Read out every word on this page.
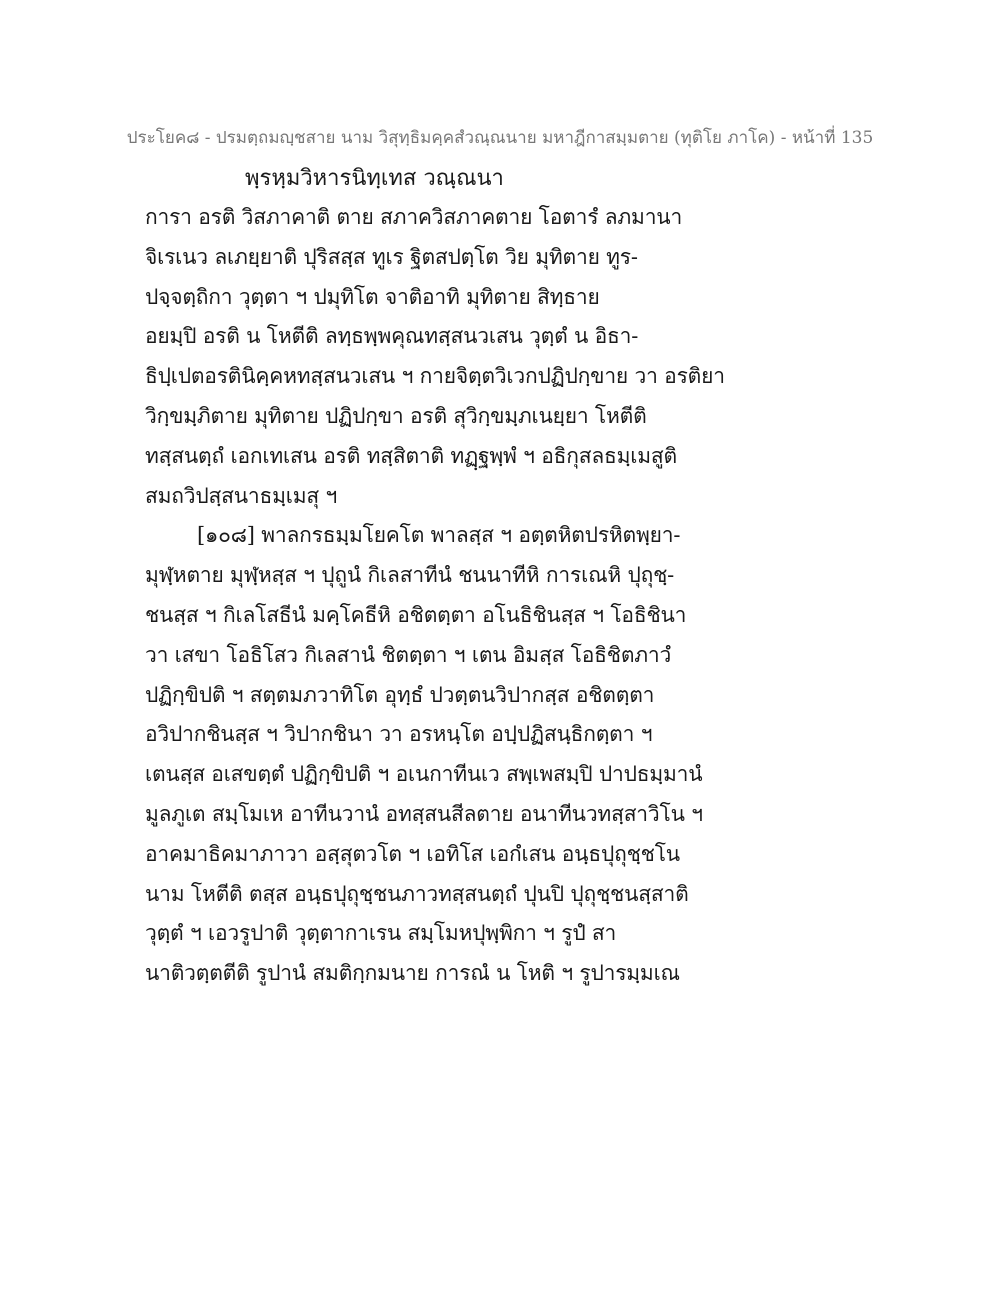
ประโยค๘ - ปรมตฺถมญฺชสาย นาม วิสุทฺธิมคฺคสํวณฺณนาย มหาฎีกาสมฺมตาย (ทุติโย ภาโค) - หน้าที่ 135
พฺรหฺมวิหารนิทฺเทส วณฺณนา
การา อรติ วิสภาคาติ ตาย สภาควิสภาคตาย โอตารํ ลภมานา
จิเรเนว ลเภยฺยาติ ปุริสสฺส ทูเร ฐิตสปตฺโต วิย มุทิตาย ทูร-
ปจฺจตฺถิกา วุตฺตา ฯ ปมุทิโต จาติอาทิ มุทิตาย สิทฺธาย
อยมฺปิ อรติ น โหตีติ ลทฺธพฺพคุณทสฺสนวเสน วุตฺตํ น อิธา-
ธิปฺเปตอรตินิคฺคหทสฺสนวเสน ฯ กายจิตฺตวิเวกปฏิปกฺขาย วา อรติยา
วิกฺขมฺภิตาย มุทิตาย ปฏิปกฺขา อรติ สุวิกฺขมฺภเนยฺยา โหตีติ
ทสฺสนตฺถํ เอกเทเสน อรติ ทสฺสิตาติ ทฏฺฐพฺพํ ฯ อธิกุสลธมฺเมสูติ
สมถวิปสฺสนาธมฺเมสุ ฯ
[๑๐๘] พาลกรธมฺมโยคโต พาลสฺส ฯ อตฺตหิตปรหิตพฺยา-
มุฬฺหตาย มุฬฺหสฺส ฯ ปุถูนํ กิเลสาทีนํ ชนนาทีหิ การเณหิ ปุถุชฺ-
ชนสฺส ฯ กิเลโสธีนํ มคฺโคธีหิ อชิตตฺตา อโนธิชินสฺส ฯ โอธิชินา
วา เสขา โอธิโสว กิเลสานํ ชิตตฺตา ฯ เตน อิมสฺส โอธิชิตภาวํ
ปฏิกฺขิปติ ฯ สตฺตมภวาทิโต อุทฺธํ ปวตฺตนวิปากสฺส อชิตตฺตา
อวิปากชินสฺส ฯ วิปากชินา วา อรหนฺโต อปฺปฏิสนฺธิกตฺตา ฯ
เตนสฺส อเสขตฺตํ ปฏิกฺขิปติ ฯ อเนกาทีนเว สพฺเพสมฺปิ ปาปธมฺมานํ
มูลภูเต สมฺโมเห อาทีนวานํ อทสฺสนสีลตาย อนาทีนวทสฺสาวิโน ฯ
อาคมาธิคมาภาวา อสฺสุตวโต ฯ เอทิโส เอกํเสน อนฺธปุถุชฺชโน
นาม โหตีติ ตสฺส อนฺธปุถุชฺชนภาวทสฺสนตฺถํ ปุนปิ ปุถุชฺชนสฺสาติ
วุตฺตํ ฯ เอวรูปาติ วุตฺตากาเรน สมฺโมหปุพฺพิกา ฯ รูปํ สา
นาติวตฺตตีติ รูปานํ สมติกฺกมนาย การณํ น โหติ ฯ รูปารมฺมเณ
